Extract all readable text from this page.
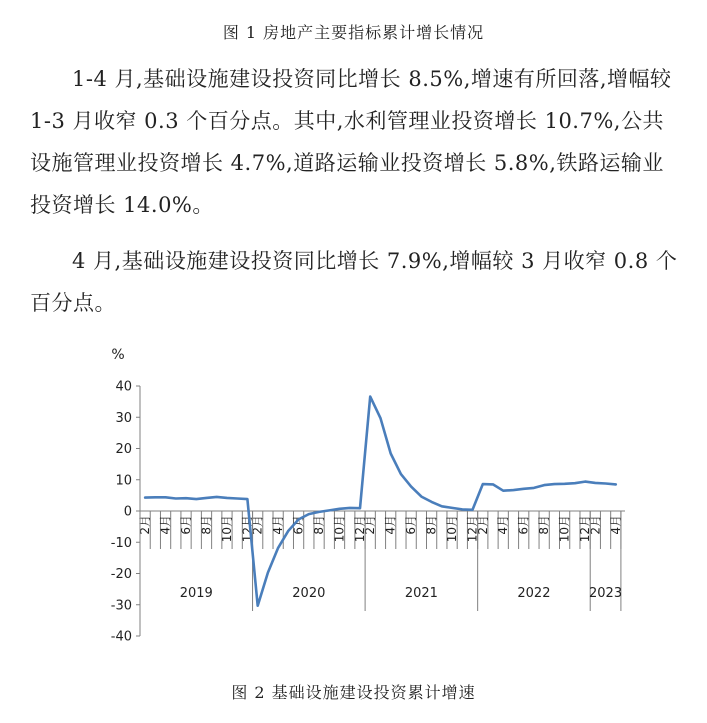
图 1 房地产主要指标累计增长情况

1-4 月,基础设施建设投资同比增长 8.5%,增速有所回落,增幅较 1-3 月收窄 0.3 个百分点。其中,水利管理业投资增长 10.7%,公共设施管理业投资增长 4.7%,道路运输业投资增长 5.8%,铁路运输业投资增长 14.0%。

4 月,基础设施建设投资同比增长 7.9%,增幅较 3 月收窄 0.8 个百分点。

40
30
20
10
0
-10
-20
-30
-40
2月 4月 6月 8月 10月 12月
2月 4月 6月 8月 10月 12月
2月 4月 6月 8月 10月 12月
2月 4月 6月 8月 10月 12月
2月 4月
2019	2020	2021	2022	2023
%
图 2 基础设施建设投资累计增速
